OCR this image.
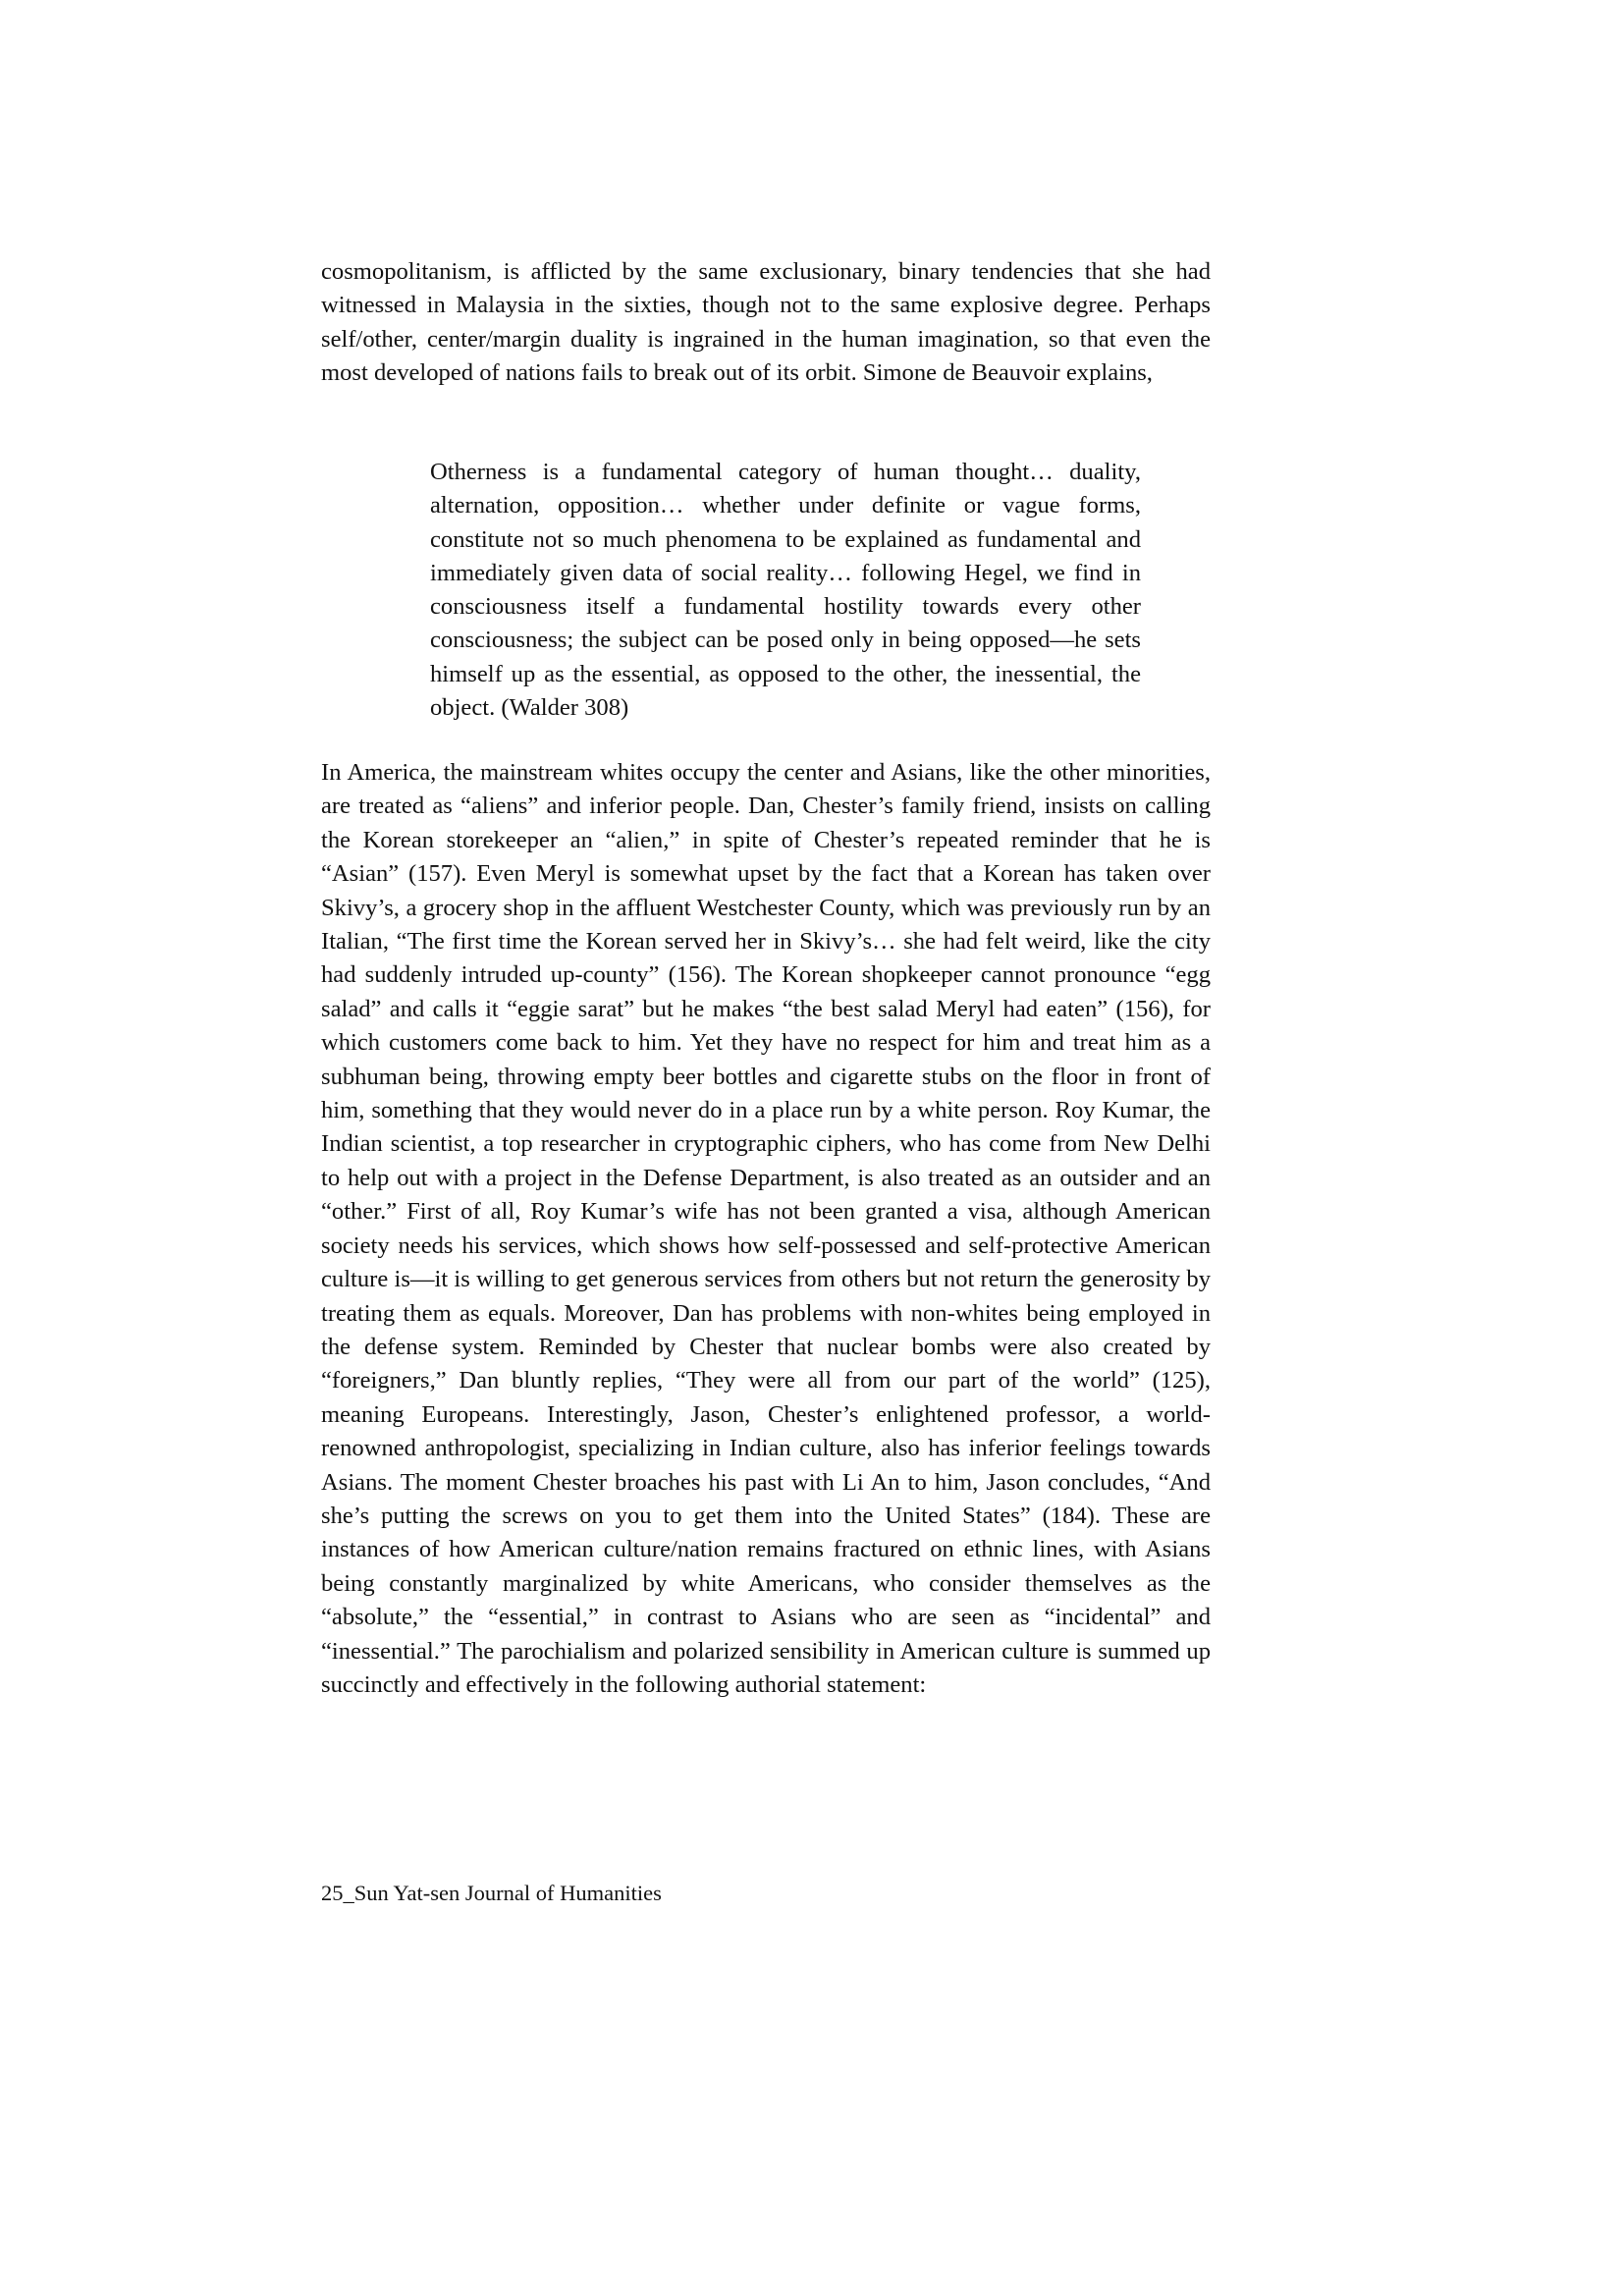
cosmopolitanism, is afflicted by the same exclusionary, binary tendencies that she had witnessed in Malaysia in the sixties, though not to the same explosive degree. Perhaps self/other, center/margin duality is ingrained in the human imagination, so that even the most developed of nations fails to break out of its orbit. Simone de Beauvoir explains,

Otherness is a fundamental category of human thought… duality, alternation, opposition… whether under definite or vague forms, constitute not so much phenomena to be explained as fundamental and immediately given data of social reality… following Hegel, we find in consciousness itself a fundamental hostility towards every other consciousness; the subject can be posed only in being opposed—he sets himself up as the essential, as opposed to the other, the inessential, the object. (Walder 308)

In America, the mainstream whites occupy the center and Asians, like the other minorities, are treated as “aliens” and inferior people. Dan, Chester’s family friend, insists on calling the Korean storekeeper an “alien,” in spite of Chester’s repeated reminder that he is “Asian” (157). Even Meryl is somewhat upset by the fact that a Korean has taken over Skivy’s, a grocery shop in the affluent Westchester County, which was previously run by an Italian, “The first time the Korean served her in Skivy’s… she had felt weird, like the city had suddenly intruded up-county” (156). The Korean shopkeeper cannot pronounce “egg salad” and calls it “eggie sarat” but he makes “the best salad Meryl had eaten” (156), for which customers come back to him. Yet they have no respect for him and treat him as a subhuman being, throwing empty beer bottles and cigarette stubs on the floor in front of him, something that they would never do in a place run by a white person. Roy Kumar, the Indian scientist, a top researcher in cryptographic ciphers, who has come from New Delhi to help out with a project in the Defense Department, is also treated as an outsider and an “other.” First of all, Roy Kumar’s wife has not been granted a visa, although American society needs his services, which shows how self-possessed and self-protective American culture is—it is willing to get generous services from others but not return the generosity by treating them as equals. Moreover, Dan has problems with non-whites being employed in the defense system. Reminded by Chester that nuclear bombs were also created by “foreigners,” Dan bluntly replies, “They were all from our part of the world” (125), meaning Europeans. Interestingly, Jason, Chester’s enlightened professor, a world-renowned anthropologist, specializing in Indian culture, also has inferior feelings towards Asians. The moment Chester broaches his past with Li An to him, Jason concludes, “And she’s putting the screws on you to get them into the United States” (184). These are instances of how American culture/nation remains fractured on ethnic lines, with Asians being constantly marginalized by white Americans, who consider themselves as the “absolute,” the “essential,” in contrast to Asians who are seen as “incidental” and “inessential.” The parochialism and polarized sensibility in American culture is summed up succinctly and effectively in the following authorial statement:

25_Sun Yat-sen Journal of Humanities
